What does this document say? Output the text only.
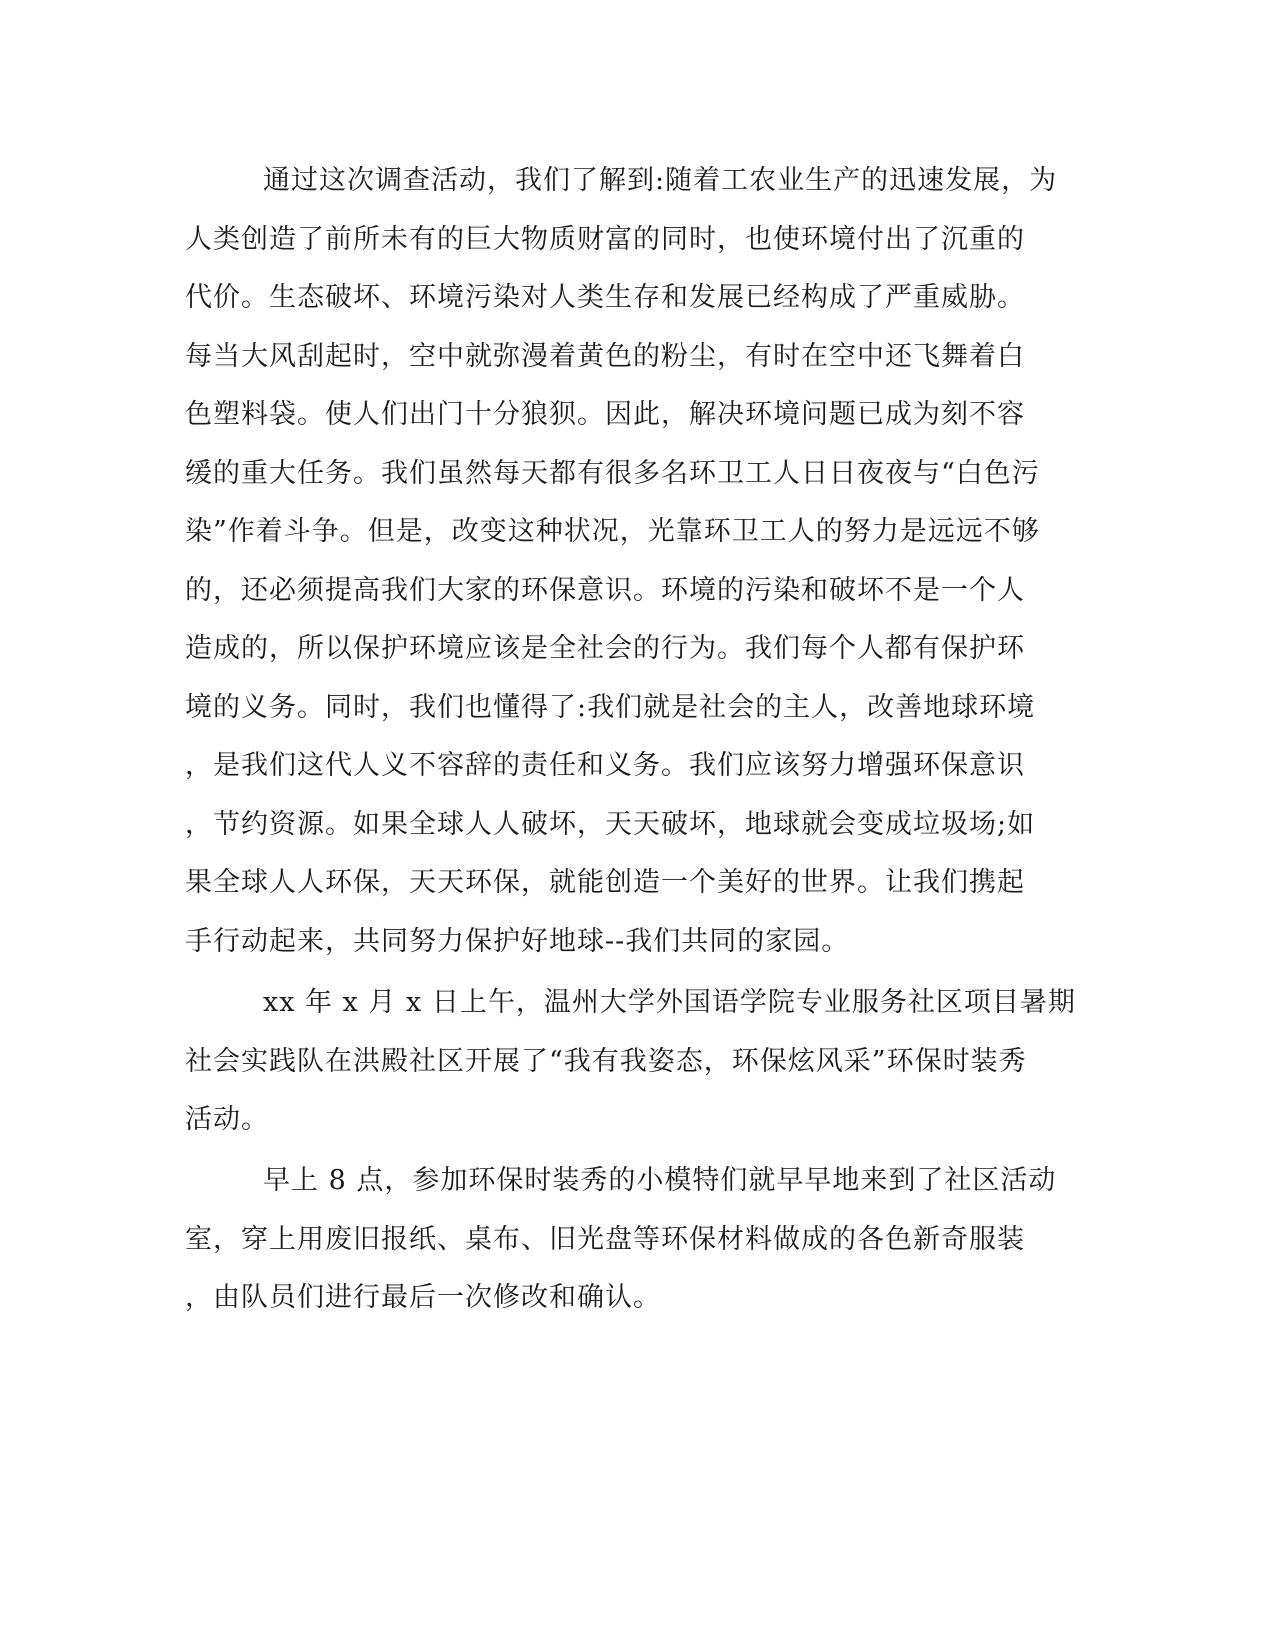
通过这次调查活动，我们了解到:随着工农业生产的迅速发展，为
人类创造了前所未有的巨大物质财富的同时，也使环境付出了沉重的
代价。生态破坏、环境污染对人类生存和发展已经构成了严重威胁。
每当大风刮起时，空中就弥漫着黄色的粉尘，有时在空中还飞舞着白
色塑料袋。使人们出门十分狼狈。因此，解决环境问题已成为刻不容
缓的重大任务。我们虽然每天都有很多名环卫工人日日夜夜与“白色污
染”作着斗争。但是，改变这种状况，光靠环卫工人的努力是远远不够
的，还必须提高我们大家的环保意识。环境的污染和破坏不是一个人
造成的，所以保护环境应该是全社会的行为。我们每个人都有保护环
境的义务。同时，我们也懂得了:我们就是社会的主人，改善地球环境
，是我们这代人义不容辞的责任和义务。我们应该努力增强环保意识
，节约资源。如果全球人人破坏，天天破坏，地球就会变成垃圾场;如
果全球人人环保，天天环保，就能创造一个美好的世界。让我们携起
手行动起来，共同努力保护好地球--我们共同的家园。
xx 年 x 月 x 日上午，温州大学外国语学院专业服务社区项目暑期
社会实践队在洪殿社区开展了“我有我姿态，环保炫风采”环保时装秀
活动。
早上 8 点，参加环保时装秀的小模特们就早早地来到了社区活动
室，穿上用废旧报纸、桌布、旧光盘等环保材料做成的各色新奇服装
，由队员们进行最后一次修改和确认。
